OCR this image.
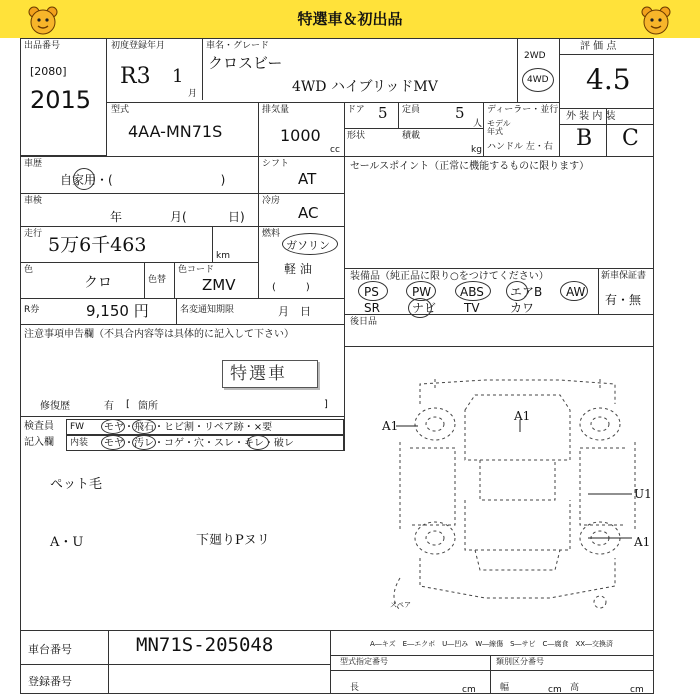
特選車＆初出品
出品番号
[2080]
2015
初度登録年月
R3 1
月
車名・グレード
クロスビー
4WD ハイブリッドMV
2WD
4WD
評 価 点
4.5
外 装 内 装
B C
型式
4AA-MN71S
排気量
1000
cc
ドア 5 定員 5
人
ディーラー・並行
モデル
年式
ハンドル 左・右
形状	積載
kg
車歴
自家用・(　　　　　　　　　)
シフト
AT
車検
年	月(	日)
冷房
AC
走行 5万6千463	km
燃料
ガソリン
軽 油
(　　　)
色
クロ	色替
色コード
ZMV
R券	9,150 円	名変通知期限	月　日
セールスポイント（正常に機能するものに限ります）
装備品（純正品に限り○をつけてください）	新車保証書
有・無
PS	PW ABS エアB AW
SR	ナビ TV	カワ
後日品
注意事項申告欄（不具合内容等は具体的に記入して下さい）
特選車
修復歴	有 箇所
[	]
検査員
記入欄
FW モヤ・飛石・ヒビ割・リペア跡・×要
内装 モヤ・汚レ・コゲ・穴・スレ・キレ・破レ
ペット毛
A・U	下廻りPヌリ
A1
A1
U1
A1
スペア
A―キズ　E―エクボ　U―凹み　W―線傷　S―サビ　C―腐食　XX―交換済
車台番号	MN71S-205048
登録番号
型式指定番号	類別区分番号
長	cm	幅	cm 高	cm
